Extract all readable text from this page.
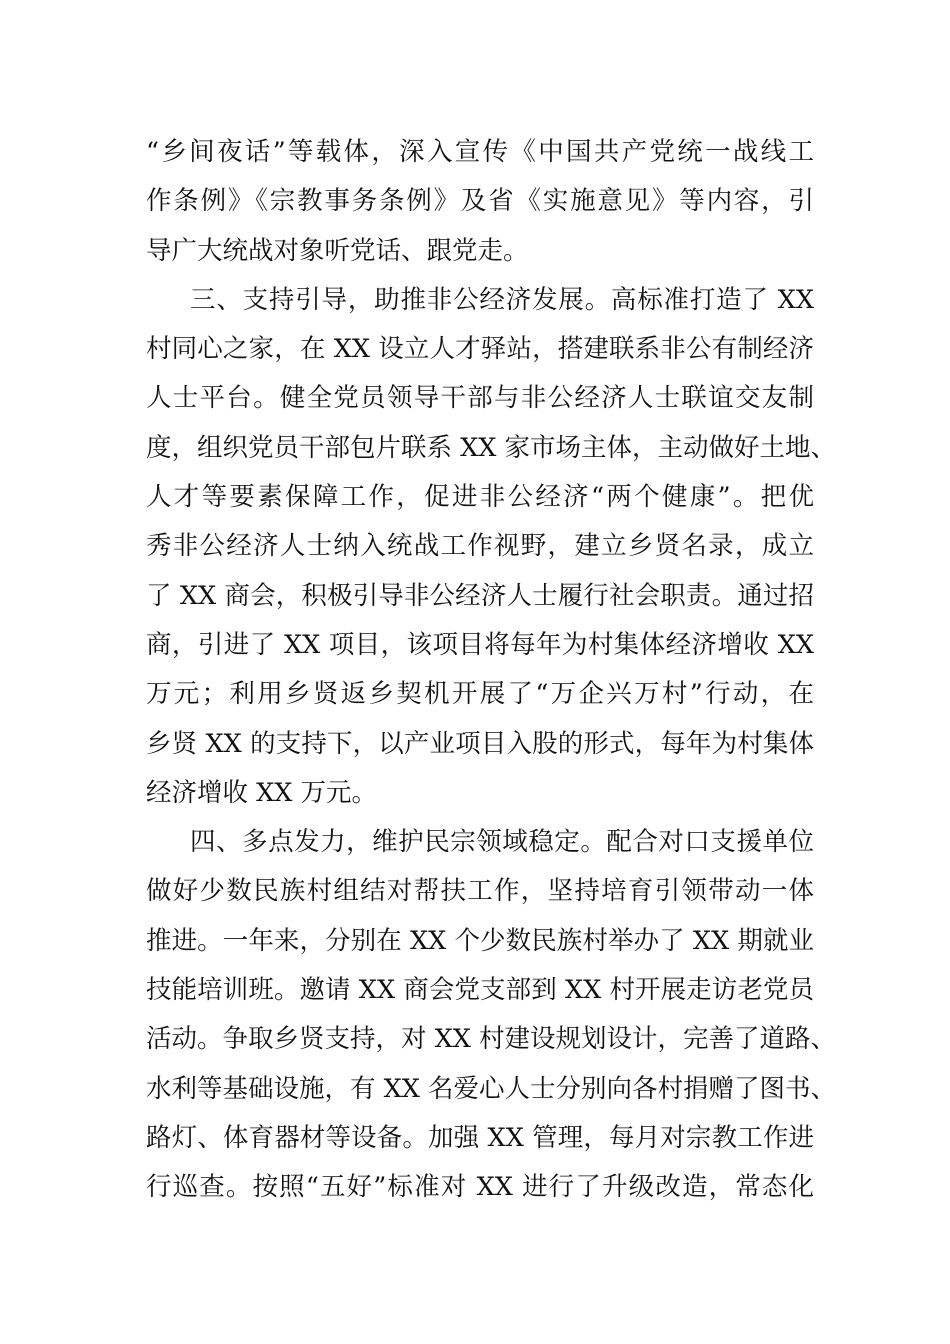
“乡间夜话”等载体，深入宣传《中国共产党统一战线工
作条例》《宗教事务条例》及省《实施意见》等内容，引
导广大统战对象听党话、跟党走。
三、支持引导，助推非公经济发展。高标准打造了 XX
村同心之家，在 XX 设立人才驿站，搭建联系非公有制经济
人士平台。健全党员领导干部与非公经济人士联谊交友制
度，组织党员干部包片联系 XX 家市场主体，主动做好土地、
人才等要素保障工作，促进非公经济“两个健康”。把优
秀非公经济人士纳入统战工作视野，建立乡贤名录，成立
了 XX 商会，积极引导非公经济人士履行社会职责。通过招
商，引进了 XX 项目，该项目将每年为村集体经济增收 XX
万元；利用乡贤返乡契机开展了“万企兴万村”行动，在
乡贤 XX 的支持下，以产业项目入股的形式，每年为村集体
经济增收 XX 万元。
四、多点发力，维护民宗领域稳定。配合对口支援单位
做好少数民族村组结对帮扶工作，坚持培育引领带动一体
推进。一年来，分别在 XX 个少数民族村举办了 XX 期就业
技能培训班。邀请 XX 商会党支部到 XX 村开展走访老党员
活动。争取乡贤支持，对 XX 村建设规划设计，完善了道路、
水利等基础设施，有 XX 名爱心人士分别向各村捐赠了图书、
路灯、体育器材等设备。加强 XX 管理，每月对宗教工作进
行巡查。按照“五好”标准对 XX 进行了升级改造，常态化
